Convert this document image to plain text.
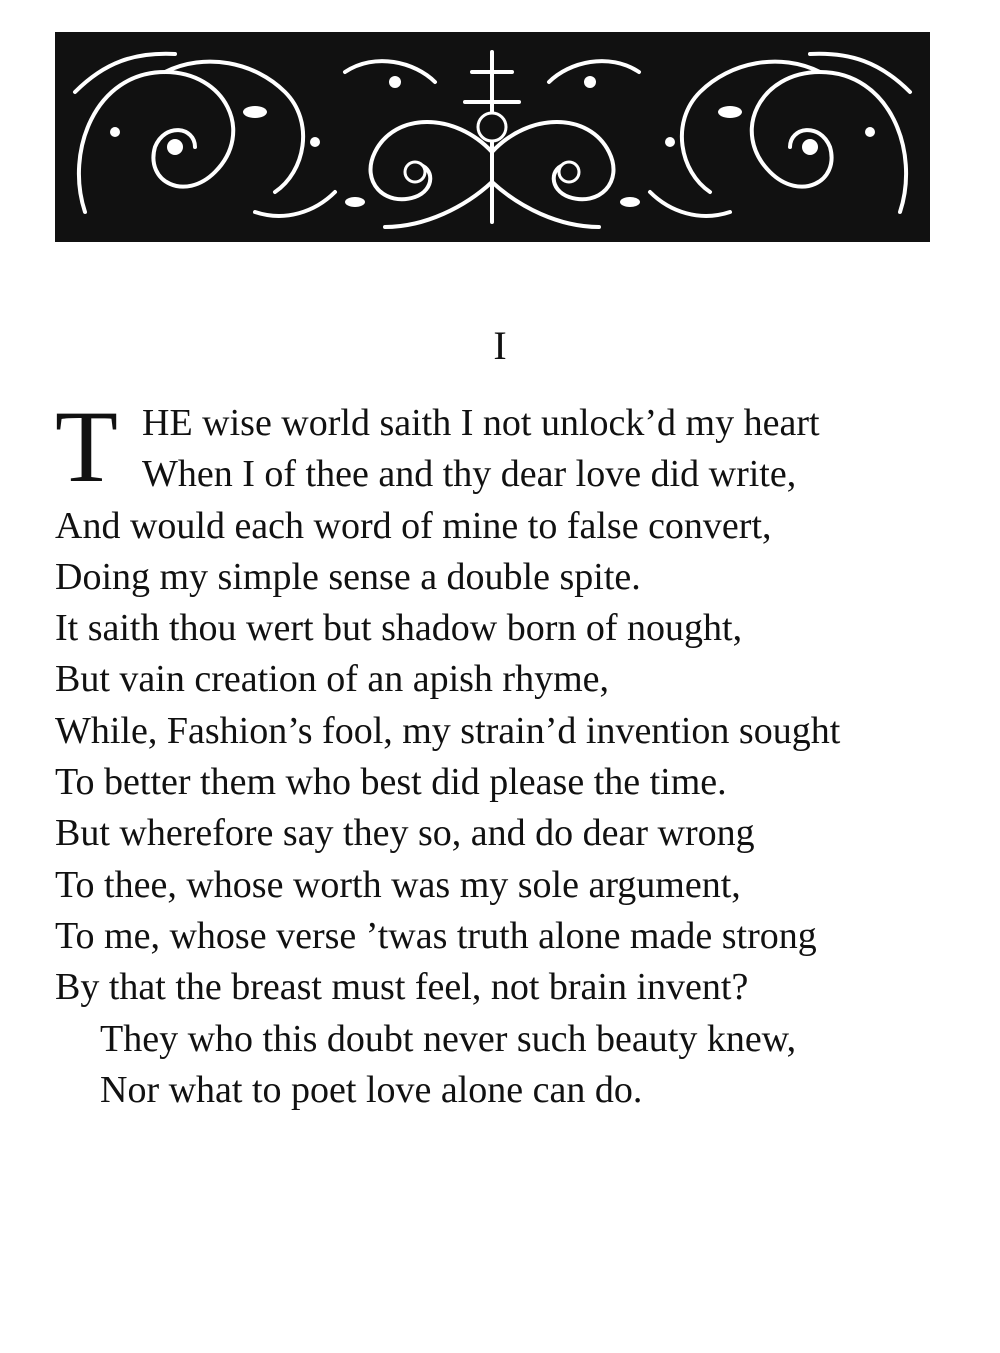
I
T HE wise world saith I not unlock’d my heart
When I of thee and thy dear love did write,
And would each word of mine to false convert,
Doing my simple sense a double spite.
It saith thou wert but shadow born of nought,
But vain creation of an apish rhyme,
While, Fashion’s fool, my strain’d invention sought
To better them who best did please the time.
But wherefore say they so, and do dear wrong
To thee, whose worth was my sole argument,
To me, whose verse ’twas truth alone made strong
By that the breast must feel, not brain invent?
They who this doubt never such beauty knew,
Nor what to poet love alone can do.
